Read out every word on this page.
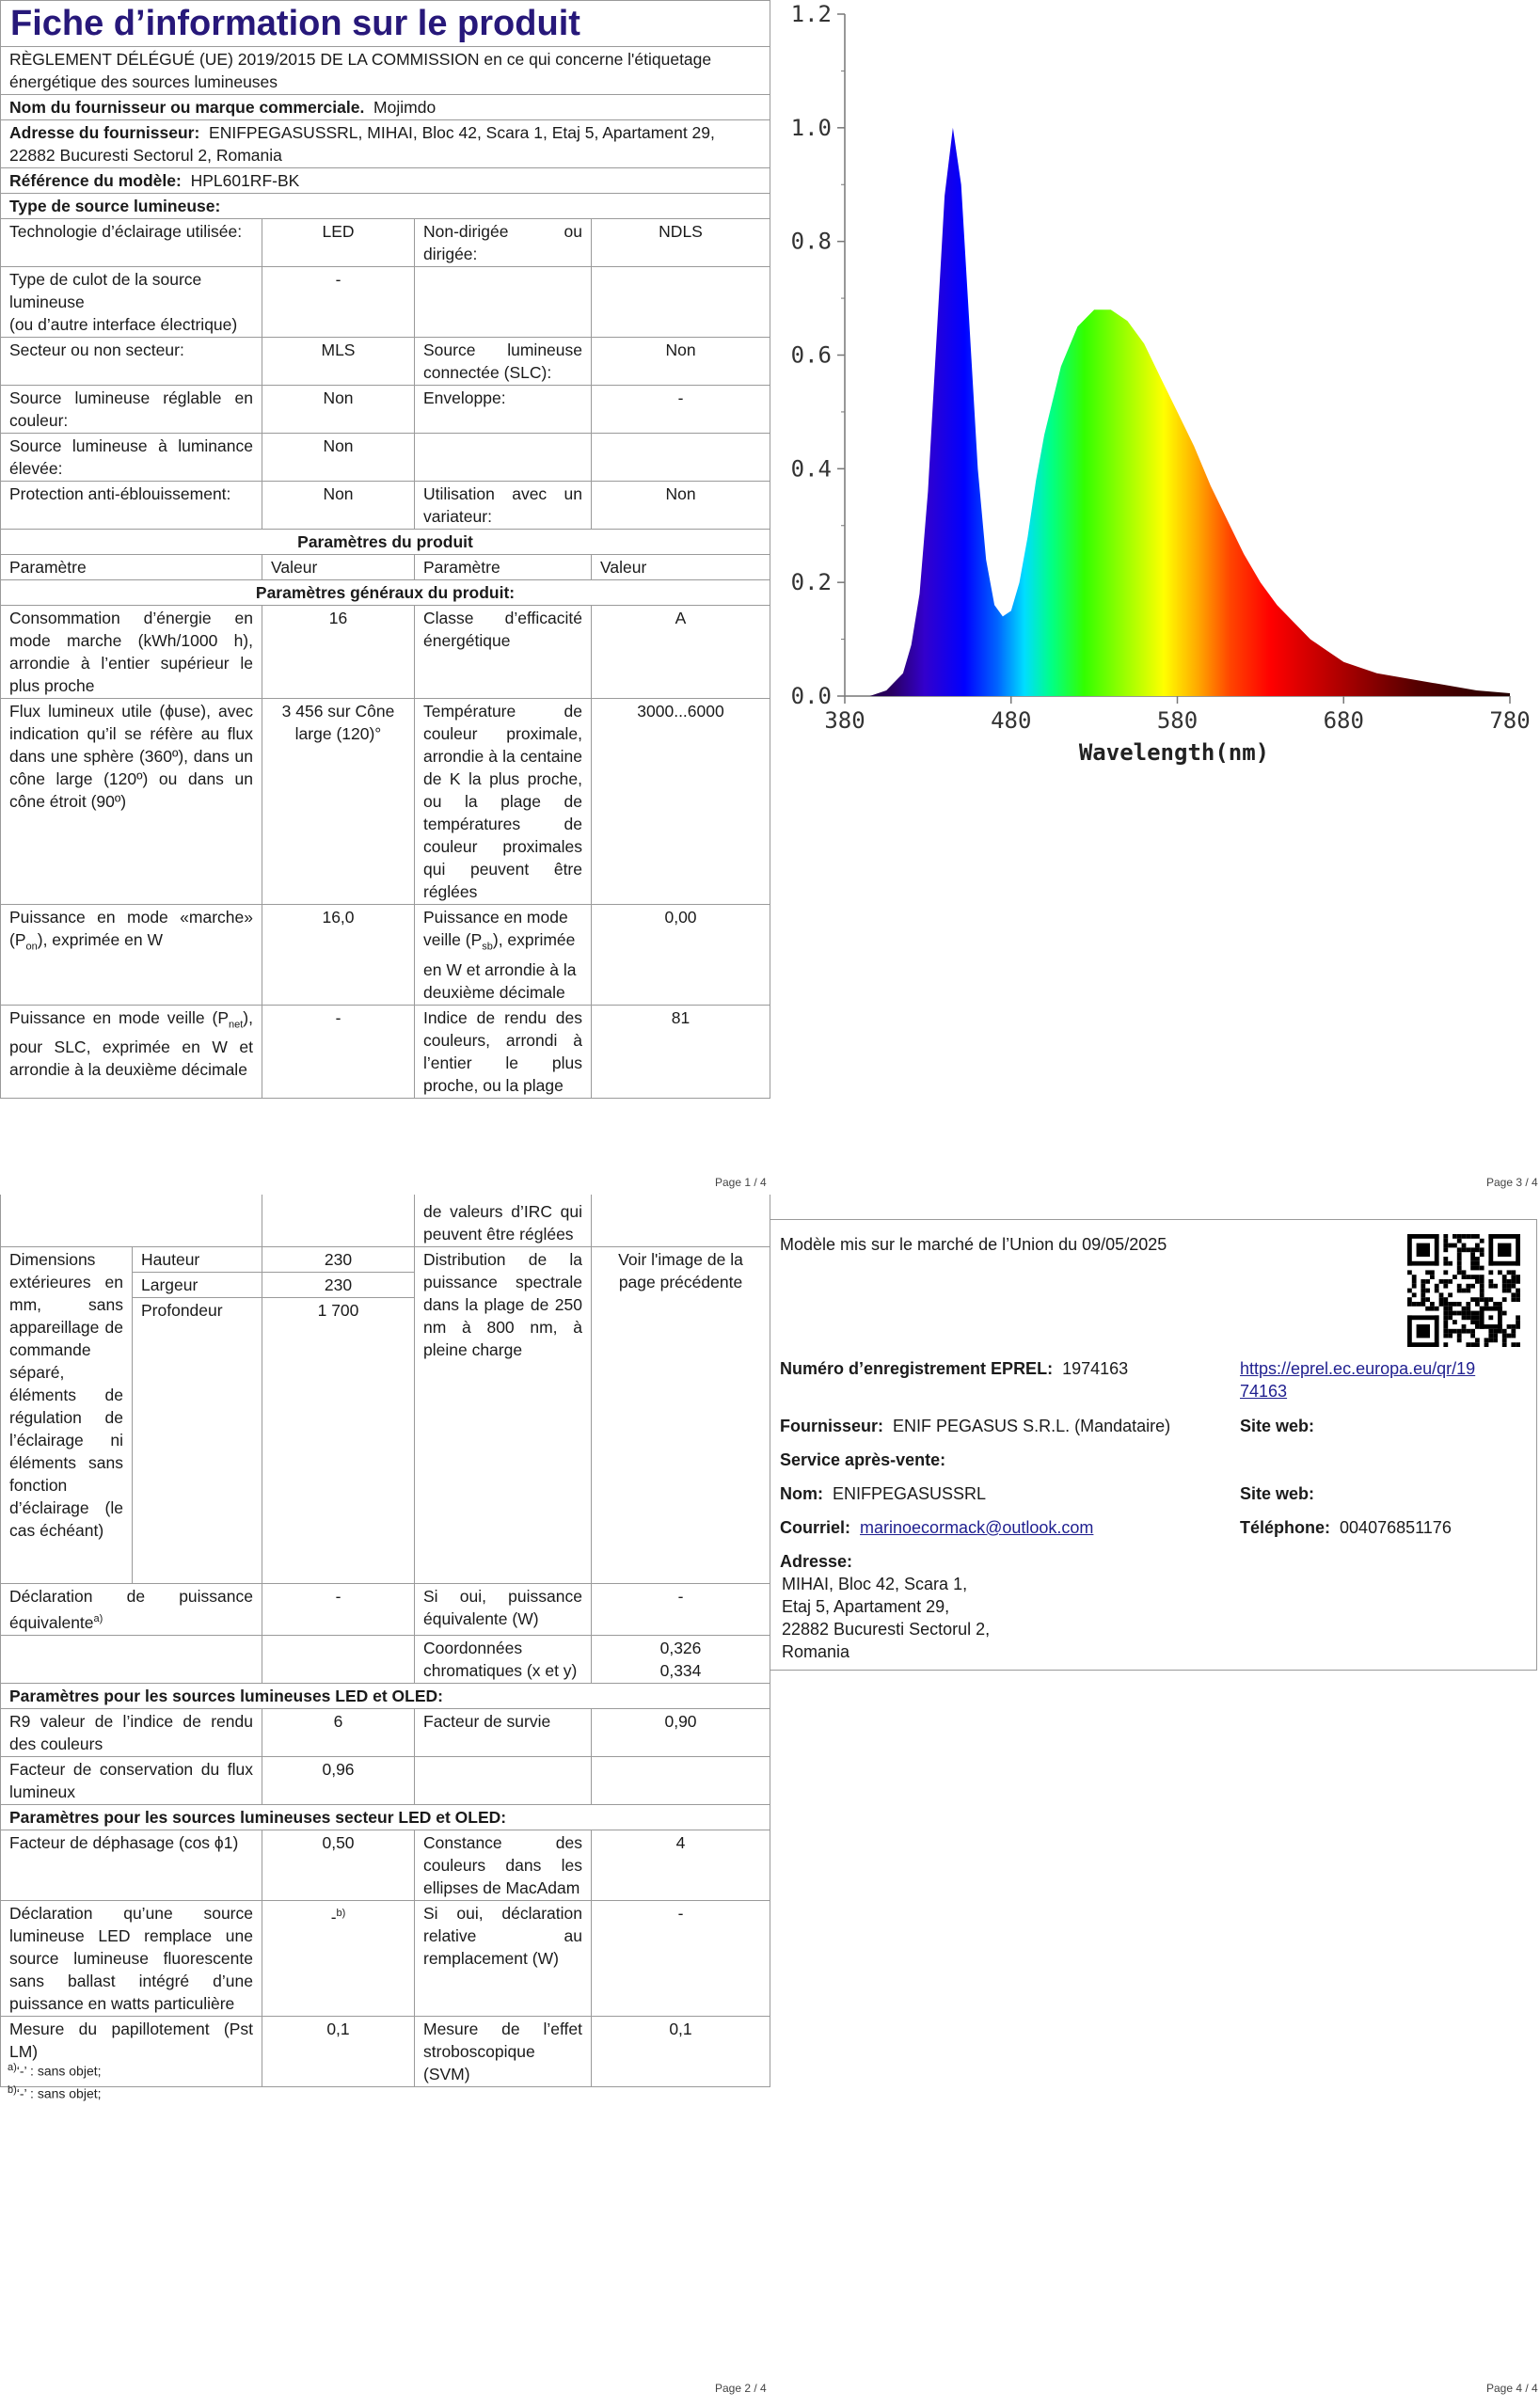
Fiche d’information sur le produit			
RÈGLEMENT DÉLÉGUÉ (UE) 2019/2015 DE LA COMMISSION en ce qui concerne l'étiquetage énergétique des sources lumineuses			
Nom du fournisseur ou marque commerciale. Mojimdo			
Adresse du fournisseur: ENIFPEGASUSSRL, MIHAI, Bloc 42, Scara 1, Etaj 5, Apartament 29, 22882 Bucuresti Sectorul 2, Romania			
Référence du modèle: HPL601RF-BK			
Type de source lumineuse:			
Technologie d’éclairage utilisée:	LED	Non-dirigée ou dirigée:	NDLS

Type de culot de la source lumineuse
(ou d’autre interface électrique)	-		
Secteur ou non secteur:	MLS	Source lumineuse connectée (SLC):	Non
Source lumineuse réglable en couleur:	Non	Enveloppe:	-
Source lumineuse à luminance élevée:	Non		
Protection anti-éblouissement:	Non	Utilisation avec un variateur:	Non
Paramètres du produit			
Paramètre	Valeur	Paramètre	Valeur
Paramètres généraux du produit:			
Consommation d’énergie en mode marche (kWh/1000 h), arrondie à l’entier supérieur le plus proche	16	Classe d’efficacité énergétique	A
Flux lumineux utile (ϕuse), avec indication qu’il se réfère au flux dans une sphère (360º), dans un cône large (120º) ou dans un cône étroit (90º)	3 456 sur Cône large (120)°	Température de couleur proximale, arrondie à la centaine de K la plus proche, ou la plage de températures de couleur proximales qui peuvent être réglées	3000...6000
Puissance en mode «marche» $(P_{on})$, exprimée en W	16,0	Puissance en mode veille $(P_{sb})$, exprimée en W et arrondie à la deuxième décimale	0,00
Puissance en mode veille $(P_{net})$, pour SLC, exprimée en W et arrondie à la deuxième décimale	-	Indice de rendu des couleurs, arrondi à l’entier le plus proche, ou la plage	81
Page 1 / 4
0.0
0.2
0.4
0.6
0.8
1.0
1.2
380	480	580	680	780
Wavelength(nm)
Page 3 / 4
			de valeurs d’IRC qui peuvent être réglées	
Dimensions extérieures en mm, sans appareillage de commande séparé, éléments de régulation de l’éclairage ni éléments sans fonction d’éclairage (le cas échéant)	Hauteur	230	Distribution de la puissance spectrale dans la plage de 250 nm à 800 nm, à pleine charge	Voir l'image de la page précédente
	Largeur	230		
	Profondeur	1 700		
Déclaration de puissance équivalente$^{a)}$		-	Si oui, puissance équivalente (W)	-
			Coordonnées chromatiques (x et y)	0,326
0,334

Paramètres pour les sources lumineuses LED et OLED:				
R9 valeur de l’indice de rendu des couleurs		6	Facteur de survie	0,90
Facteur de conservation du flux lumineux		0,96		
Paramètres pour les sources lumineuses secteur LED et OLED:				
Facteur de déphasage (cos ϕ1)		0,50	Constance des couleurs dans les ellipses de MacAdam	4
Déclaration qu’une source lumineuse LED remplace une source lumineuse fluorescente sans ballast intégré d’une puissance en watts particulière		-$^{b)}$	Si oui, déclaration relative au remplacement (W)	-
Mesure du papillotement (Pst LM)		0,1	Mesure de l’effet stroboscopique (SVM)	0,1
$^{a)}$‘-’ : sans objet;
$^{b)}$‘-’ : sans objet;
Page 2 / 4
Modèle mis sur le marché de l’Union du 09/05/2025
Numéro d’enregistrement EPREL: 1974163	https://eprel.ec.europa.eu/qr/19
74163
Fournisseur: ENIF PEGASUS S.R.L. (Mandataire)	Site web:
Service après-vente:
Nom: ENIFPEGASUSSRL	Site web:
Courriel: marinoecormack@outlook.com	Téléphone: 004076851176
Adresse:
MIHAI, Bloc 42, Scara 1,
Etaj 5, Apartament 29,
22882 Bucuresti Sectorul 2,
Romania
Page 4 / 4
